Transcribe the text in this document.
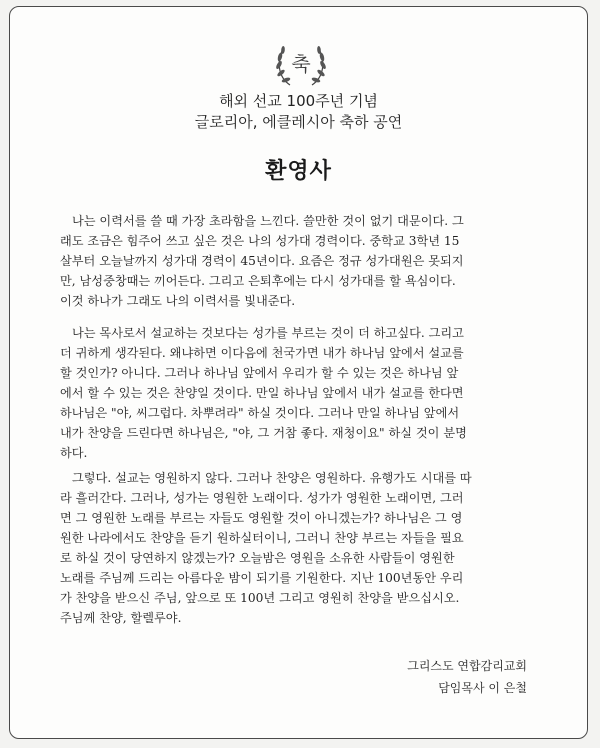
축
해외 선교 100주년 기념
글로리아, 에클레시아 축하 공연
환영사

나는 이력서를 쓸 때 가장 초라함을 느낀다. 쓸만한 것이 없기 대문이다. 그
래도 조금은 힘주어 쓰고 싶은 것은 나의 성가대 경력이다. 중학교 3학년 15
살부터 오늘날까지 성가대 경력이 45년이다. 요즘은 정규 성가대원은 못되지
만, 남성중창때는 끼어든다. 그리고 은퇴후에는 다시 성가대를 할 욕심이다.
이것 하나가 그래도 나의 이력서를 빛내준다.

나는 목사로서 설교하는 것보다는 성가를 부르는 것이 더 하고싶다. 그리고
더 귀하게 생각된다. 왜냐하면 이다음에 천국가면 내가 하나님 앞에서 설교를
할 것인가? 아니다. 그러나 하나님 앞에서 우리가 할 수 있는 것은 하나님 앞
에서 할 수 있는 것은 찬양일 것이다. 만일 하나님 앞에서 내가 설교를 한다면
하나님은 "야, 씨그럽다. 차뿌려라" 하실 것이다. 그러나 만일 하나님 앞에서
내가 찬양을 드린다면 하나님은, "야, 그 거참 좋다. 재청이요" 하실 것이 분명
하다.

그렇다. 설교는 영원하지 않다. 그러나 찬양은 영원하다. 유행가도 시대를 따
라 흘러간다. 그러나, 성가는 영원한 노래이다. 성가가 영원한 노래이면, 그러
면 그 영원한 노래를 부르는 자들도 영원할 것이 아니겠는가? 하나님은 그 영
원한 나라에서도 찬양을 듣기 원하실터이니, 그러니 찬양 부르는 자들을 필요
로 하실 것이 당연하지 않겠는가? 오늘밤은 영원을 소유한 사람들이 영원한
노래를 주님께 드리는 아름다운 밤이 되기를 기원한다. 지난 100년동안 우리
가 찬양을 받으신 주님, 앞으로 또 100년 그리고 영원히 찬양을 받으십시오.
주님께 찬양, 할렐루야.

그리스도 연합감리교회
담임목사 이 은철
